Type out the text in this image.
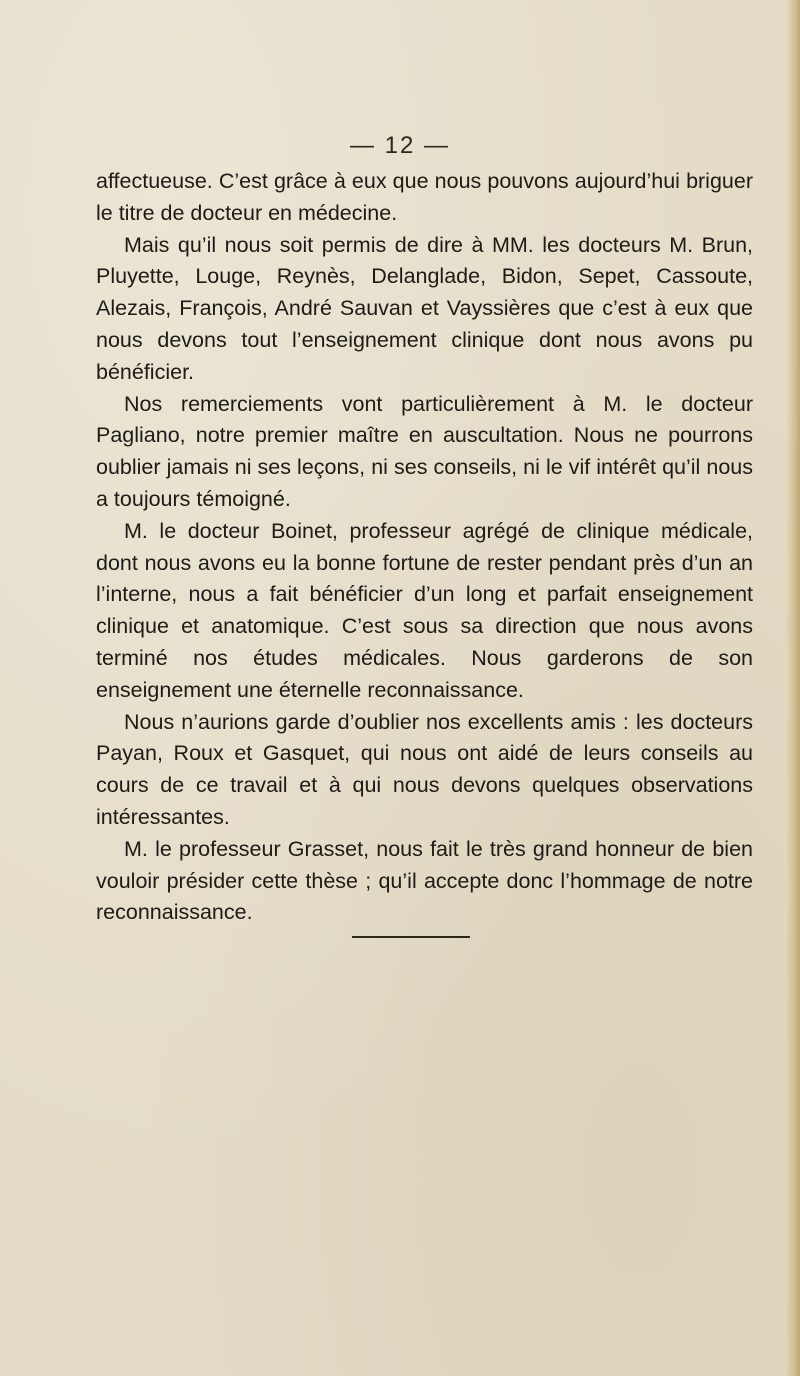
— 12 —

affectueuse. C’est grâce à eux que nous pouvons aujourd’hui briguer le titre de docteur en médecine.

Mais qu’il nous soit permis de dire à MM. les docteurs M. Brun, Pluyette, Louge, Reynès, Delanglade, Bidon, Sepet, Cassoute, Alezais, François, André Sauvan et Vayssières que c’est à eux que nous devons tout l’enseignement clinique dont nous avons pu bénéficier.

Nos remerciements vont particulièrement à M. le docteur Pagliano, notre premier maître en auscultation. Nous ne pourrons oublier jamais ni ses leçons, ni ses conseils, ni le vif intérêt qu’il nous a toujours témoigné.

M. le docteur Boinet, professeur agrégé de clinique médicale, dont nous avons eu la bonne fortune de rester pendant près d’un an l’interne, nous a fait bénéficier d’un long et parfait enseignement clinique et anatomique. C’est sous sa direction que nous avons terminé nos études médicales. Nous garderons de son enseignement une éternelle reconnaissance.

Nous n’aurions garde d’oublier nos excellents amis : les docteurs Payan, Roux et Gasquet, qui nous ont aidé de leurs conseils au cours de ce travail et à qui nous devons quelques observations intéressantes.

M. le professeur Grasset, nous fait le très grand honneur de bien vouloir présider cette thèse ; qu’il accepte donc l’hommage de notre reconnaissance.
